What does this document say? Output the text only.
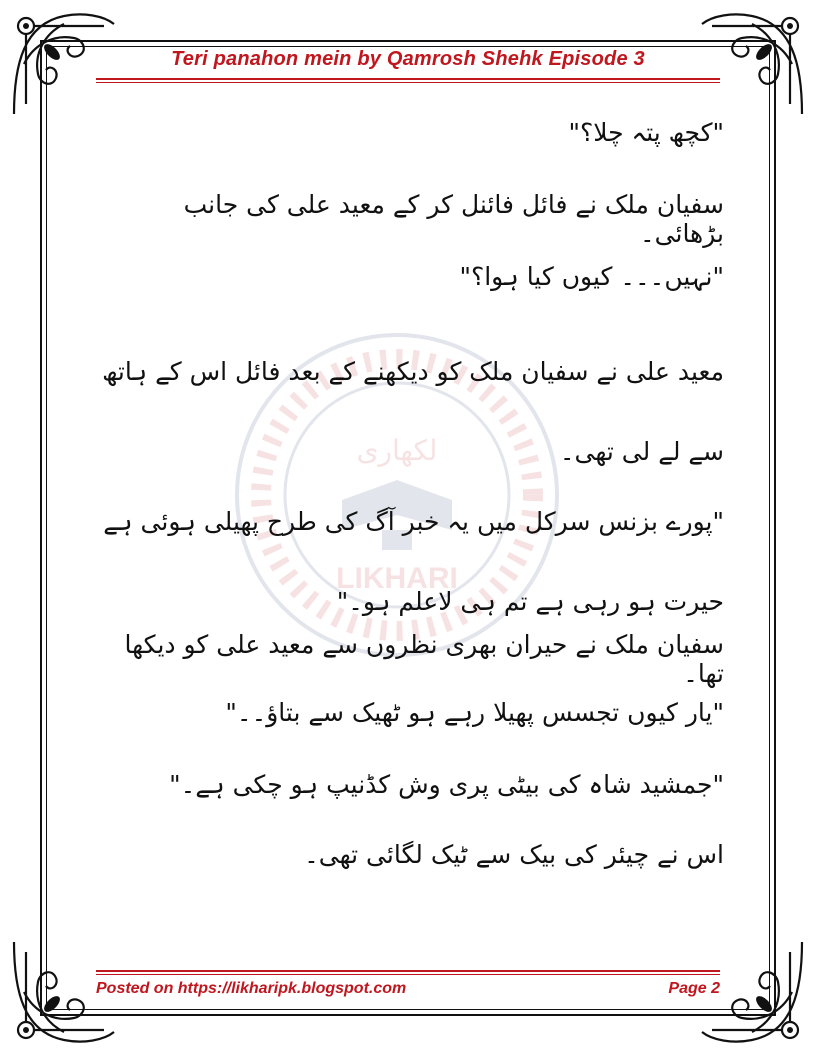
لکھاری
LIKHARI
Teri panahon mein by Qamrosh Shehk Episode 3

"کچھ پتہ چلا؟"

سفیان ملک نے فائل فائنل کر کے معید علی کی جانب بڑھائی۔

"نہیں۔۔۔ کیوں کیا ہوا؟"

معید علی نے سفیان ملک کو دیکھنے کے بعد فائل اس کے ہاتھ سے لے لی تھی۔

"پورے بزنس سرکل میں یہ خبر آگ کی طرح پھیلی ہوئی ہے حیرت ہو رہی ہے تم ہی لاعلم ہو۔"

سفیان ملک نے حیران بھری نظروں سے معید علی کو دیکھا تھا۔

"یار کیوں تجسس پھیلا رہے ہو ٹھیک سے بتاؤ۔۔"

"جمشید شاہ کی بیٹی پری وش کڈنیپ ہو چکی ہے۔"

اس نے چیئر کی بیک سے ٹیک لگائی تھی۔

Posted on https://likharipk.blogspot.com	Page 2
